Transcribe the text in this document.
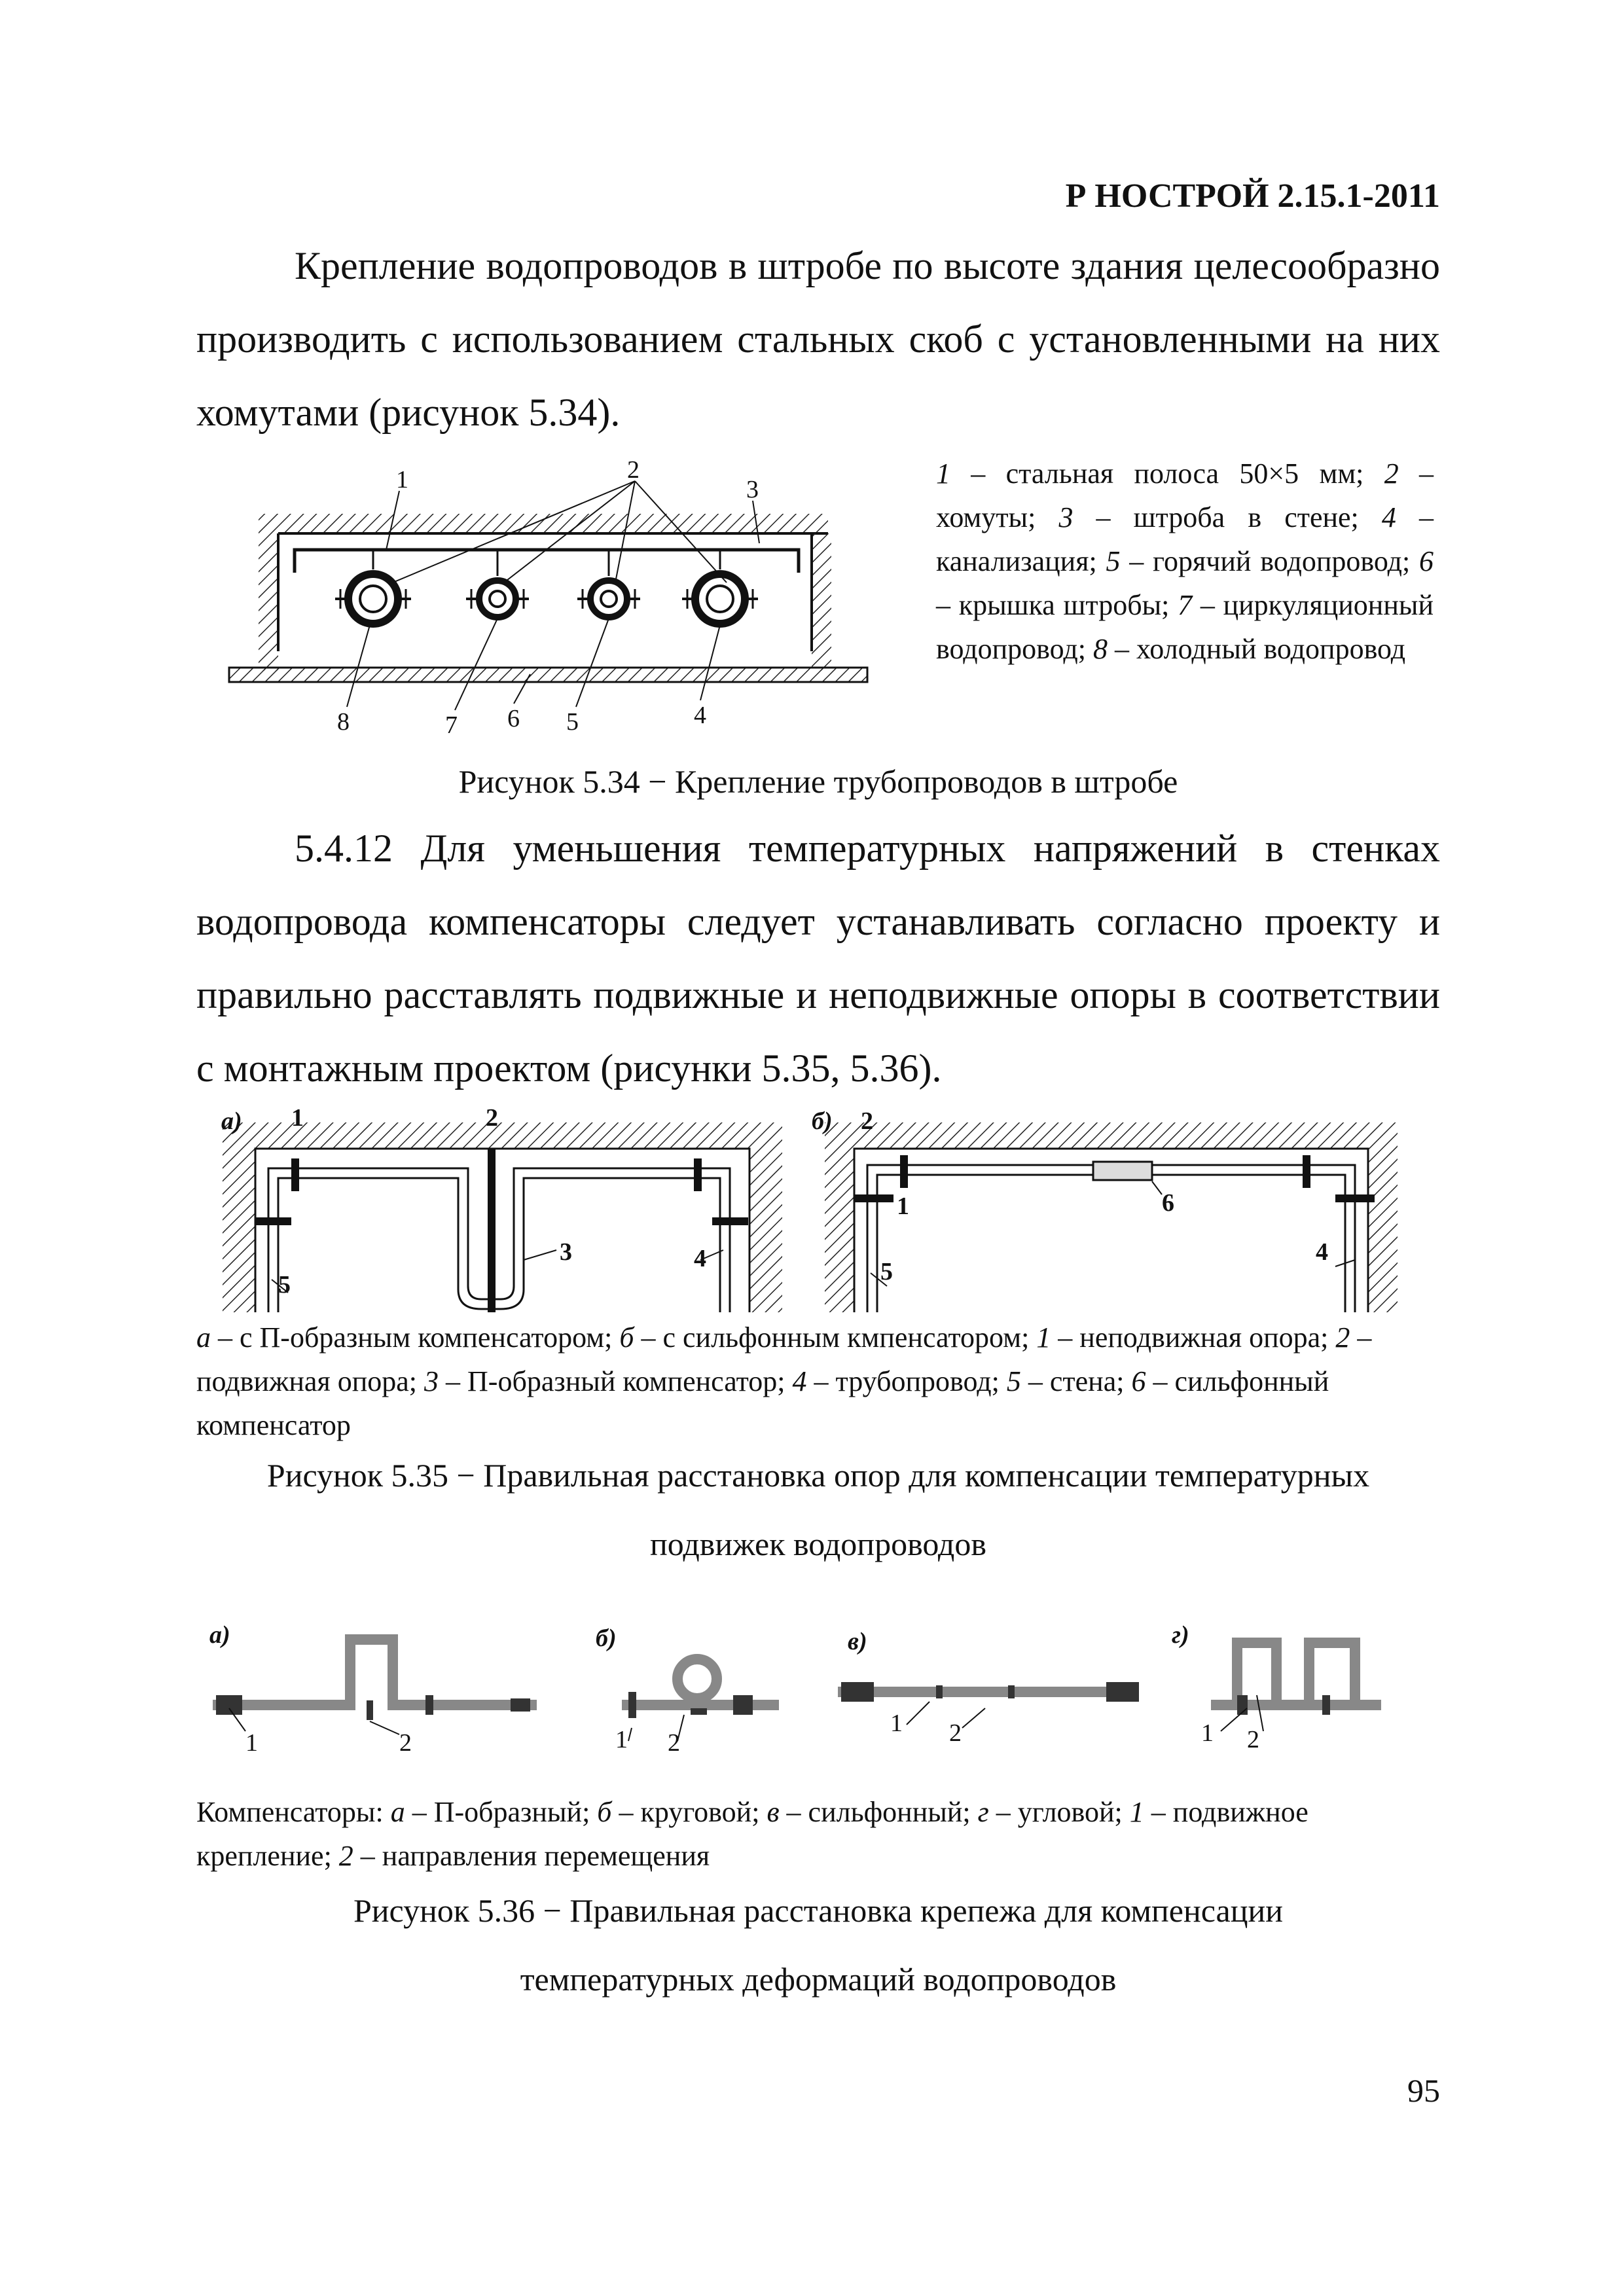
Р НОСТРОЙ 2.15.1-2011
Крепление водопроводов в штробе по высоте здания целесообразно производить с использованием стальных скоб с установленными на них хомутами (рисунок 5.34).
1	2
3
8	7 6 5	4
1 – стальная полоса 50×5 мм; 2 – хомуты; 3 – штроба в стене; 4 – канализация; 5 – горячий водопровод; 6 – крышка штробы; 7 – циркуляционный водопровод; 8 – холодный водопровод
Рисунок 5.34 − Крепление трубопроводов в штробе
5.4.12 Для уменьшения температурных напряжений в стенках водопровода компенсаторы следует устанавливать согласно проекту и правильно расставлять подвижные и неподвижные опоры в соответствии с монтажным проектом (рисунки 5.35, 5.36).
а) 1	2
3	4
5
б) 2
6
1
5
4
а – с П-образным компенсатором; б – с сильфонным кмпенсатором; 1 – неподвижная опора; 2 – подвижная опора; 3 – П-образный компенсатор; 4 – трубопровод; 5 – стена; 6 – сильфонный компенсатор
Рисунок 5.35 − Правильная расстановка опор для компенсации температурных
подвижек водопроводов
а)	б)	в)	г)
1	2	1 2
1 2	1 2
Компенсаторы: а – П-образный; б – круговой; в – сильфонный; г – угловой; 1 – подвижное крепление; 2 – направления перемещения
Рисунок 5.36 − Правильная расстановка крепежа для компенсации
температурных деформаций водопроводов
95
